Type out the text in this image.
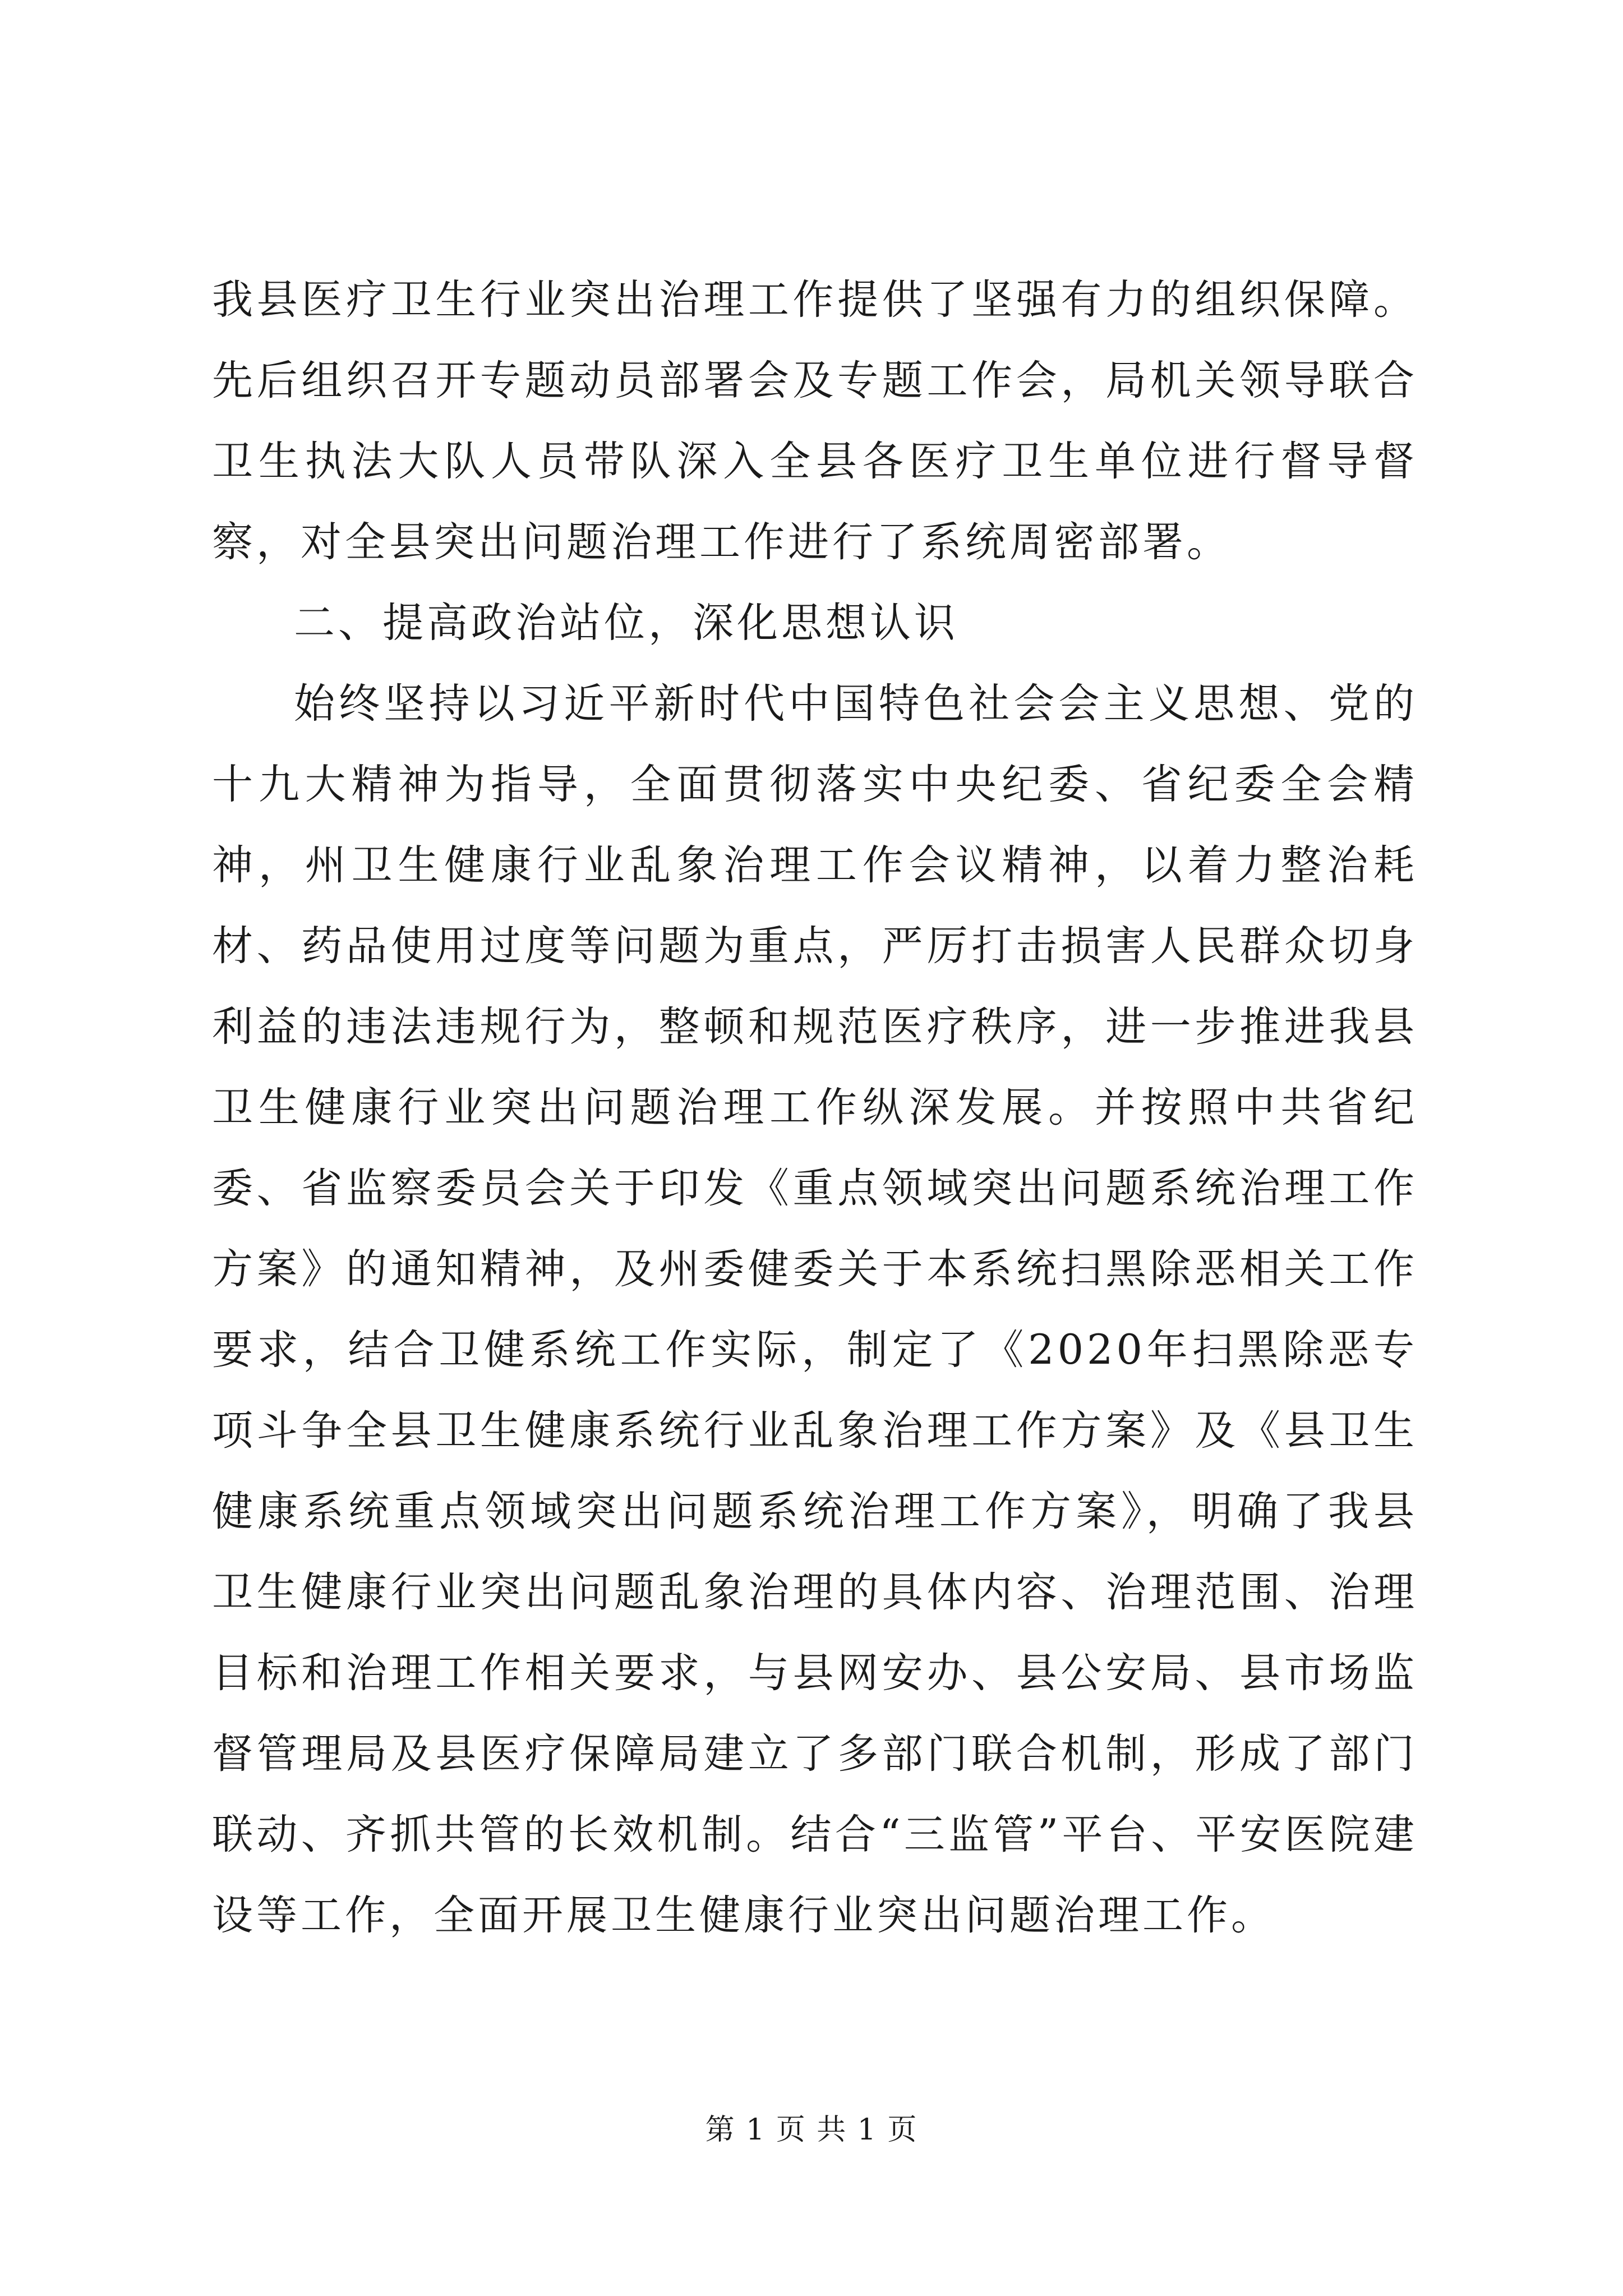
我县医疗卫生行业突出治理工作提供了坚强有力的组织保障。先后组织召开专题动员部署会及专题工作会，局机关领导联合卫生执法大队人员带队深入全县各医疗卫生单位进行督导督察，对全县突出问题治理工作进行了系统周密部署。

二、提高政治站位，深化思想认识

始终坚持以习近平新时代中国特色社会会主义思想、党的十九大精神为指导，全面贯彻落实中央纪委、省纪委全会精神，州卫生健康行业乱象治理工作会议精神，以着力整治耗材、药品使用过度等问题为重点，严厉打击损害人民群众切身利益的违法违规行为，整顿和规范医疗秩序，进一步推进我县卫生健康行业突出问题治理工作纵深发展。并按照中共省纪委、省监察委员会关于印发《重点领域突出问题系统治理工作方案》的通知精神，及州委健委关于本系统扫黑除恶相关工作要求，结合卫健系统工作实际，制定了《2020年扫黑除恶专项斗争全县卫生健康系统行业乱象治理工作方案》及《县卫生健康系统重点领域突出问题系统治理工作方案》，明确了我县卫生健康行业突出问题乱象治理的具体内容、治理范围、治理目标和治理工作相关要求，与县网安办、县公安局、县市场监督管理局及县医疗保障局建立了多部门联合机制，形成了部门联动、齐抓共管的长效机制。结合“三监管”平台、平安医院建设等工作，全面开展卫生健康行业突出问题治理工作。

第 1 页 共 1 页
